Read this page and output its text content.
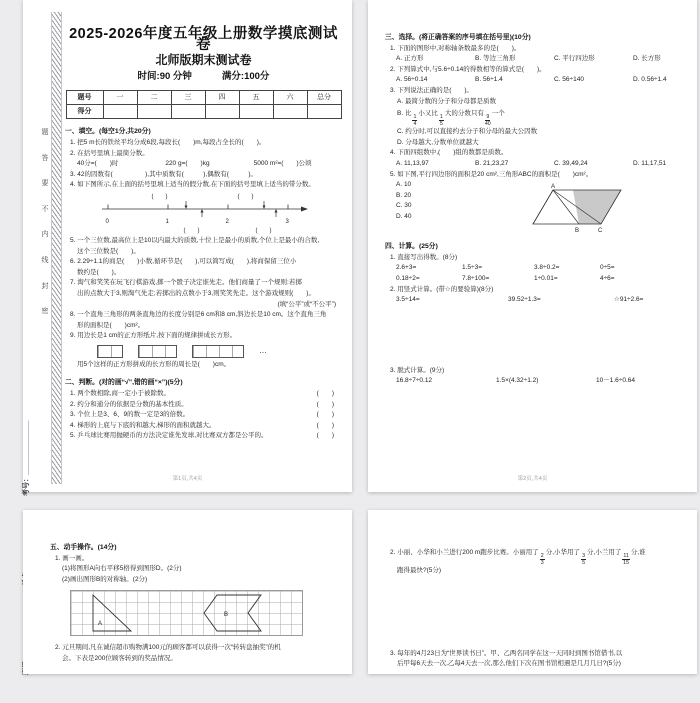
题
答
要
不
内
线
封
密
2025-2026年度五年级上册数学摸底测试卷
北师版期末测试卷
时间:90 分钟	满分:100分
题号	一	二	三	四	五	六	总分
得分							
一、填空。(每空1分,共20分)
1. 把5 m长的铁丝平均分成6段,每段长(　　)m,每段占全长的(　　)。
2. 在括号里填上最简分数。
40分=(　　)时	220 g=(　　)kg	5000 m²=(　　)公顷
3. 42的因数有(　　　　　),其中质数有(　　　),偶数有(　　　)。
4. 如下图所示,在上面的括号里填上适当的假分数,在下面的括号里填上适当的带分数。
(　　)	(　　)
0	1	2	3
(　　)	(　　)
5. 一个三位数,最高位上是10以内最大的质数,十位上是最小的质数,个位上是最小的合数,
这个三位数是(　　)。
6. 2.29÷1.1的商是(　　)小数,循环节是(　　),可以简写成(　　),将商保留三位小
数约是(　　)。
7. 淘气和笑笑在玩飞行棋游戏,掷一个骰子决定谁先走。他们商量了一个规则:若掷
出的点数大于3,则淘气先走;若掷出的点数小于3,则笑笑先走。这个游戏规则(　　)。
(填“公平”或“不公平”)
8. 一个直角三角形的两条直角边的长度分别是6 cm和8 cm,斜边长是10 cm。这个直角三角
形的面积是(　　)cm²。
9. 用边长是1 cm的正方形纸片,按下面的规律拼成长方形。
…
用5个这样的正方形拼成的长方形的周长是(　　)cm。
二、判断。(对的画“√”,错的画“×”)(5分)
1. 两个数相除,商一定小于被除数。	(　　)
2. 约分和通分的依据是分数的基本性质。	(　　)
3. 个位上是3、6、9的数一定是3的倍数。	(　　)
4. 梯形的上底与下底的和越大,梯形的面积就越大。	(　　)
5. 乒乓球比赛用抛硬币的方法决定谁先发球,对比赛双方都是公平的。	(　　)
第1页,共4页
三、选择。(将正确答案的序号填在括号里)(10分)
1. 下面的图形中,对称轴条数最多的是(　　)。
A. 正方形	B. 等边三角形	C. 平行四边形	D. 长方形
2. 下列算式中,与5.6÷0.14的得数相等的算式是(　　)。
A. 56÷0.14	B. 56÷1.4	C. 56÷140	D. 0.56÷1.4
3. 下列说法正确的是(　　)。
A. 最简分数的分子和分母都是质数
B. 比
$\frac{1}{4}$
小又比
$\frac{1}{5}$
大的分数只有
$\frac{9}{40}$
一个
C. 约分时,可以直接约去分子和分母的最大公因数
D. 分母越大,分数单位就越大
4. 下面四组数中,(　　)组的数都是质数。
A. 11,13,97	B. 21,23,27	C. 39,49,24	D. 11,17,51
5. 如下图,平行四边形的面积是20 cm²,三角形ABC的面积是(　　)cm²。
A. 10
B. 20
C. 30
D. 40
A
B	C
四、计算。(25分)
1. 直接写出得数。(8分)
2.6+3=	1.5÷3=	3.8÷0.2=	0÷5=
0.18÷2=	7.8÷100=	1÷0.01=	4÷6=
2. 用竖式计算。(带☆的要验算)(8分)
3.5÷14=	39.52÷1.3=	☆91÷2.6=
3. 脱式计算。(9分)
16.8÷7÷0.12	1.5×(4.32÷1.2)	10－1.6÷0.64
第2页,共4页
五、动手操作。(14分)
1. 画一画。
(1)将图形A向右平移5格得到图形D。(2分)
(2)画出图形B的对称轴。(2分)
A
B
2. 元旦期间,凡在诚信超市购物满100元的顾客都可以获得一次“转转盘抽奖”的机
会。下表是200位顾客转到的奖品情况。
2. 小丽、小华和小兰进行200 m跑步比赛。小丽用了
$\frac{2}{3}$
分,小华用了
$\frac{3}{5}$
分,小兰用了
$\frac{11}{15}$
分,谁
跑得最快?(5分)
3. 每年的4月23日为“世界读书日”。甲、乙两名同学在这一天同时到图书馆借书,以
后甲每6天去一次,乙每4天去一次,那么他们下次在图书馆相遇是几月几日?(5分)
